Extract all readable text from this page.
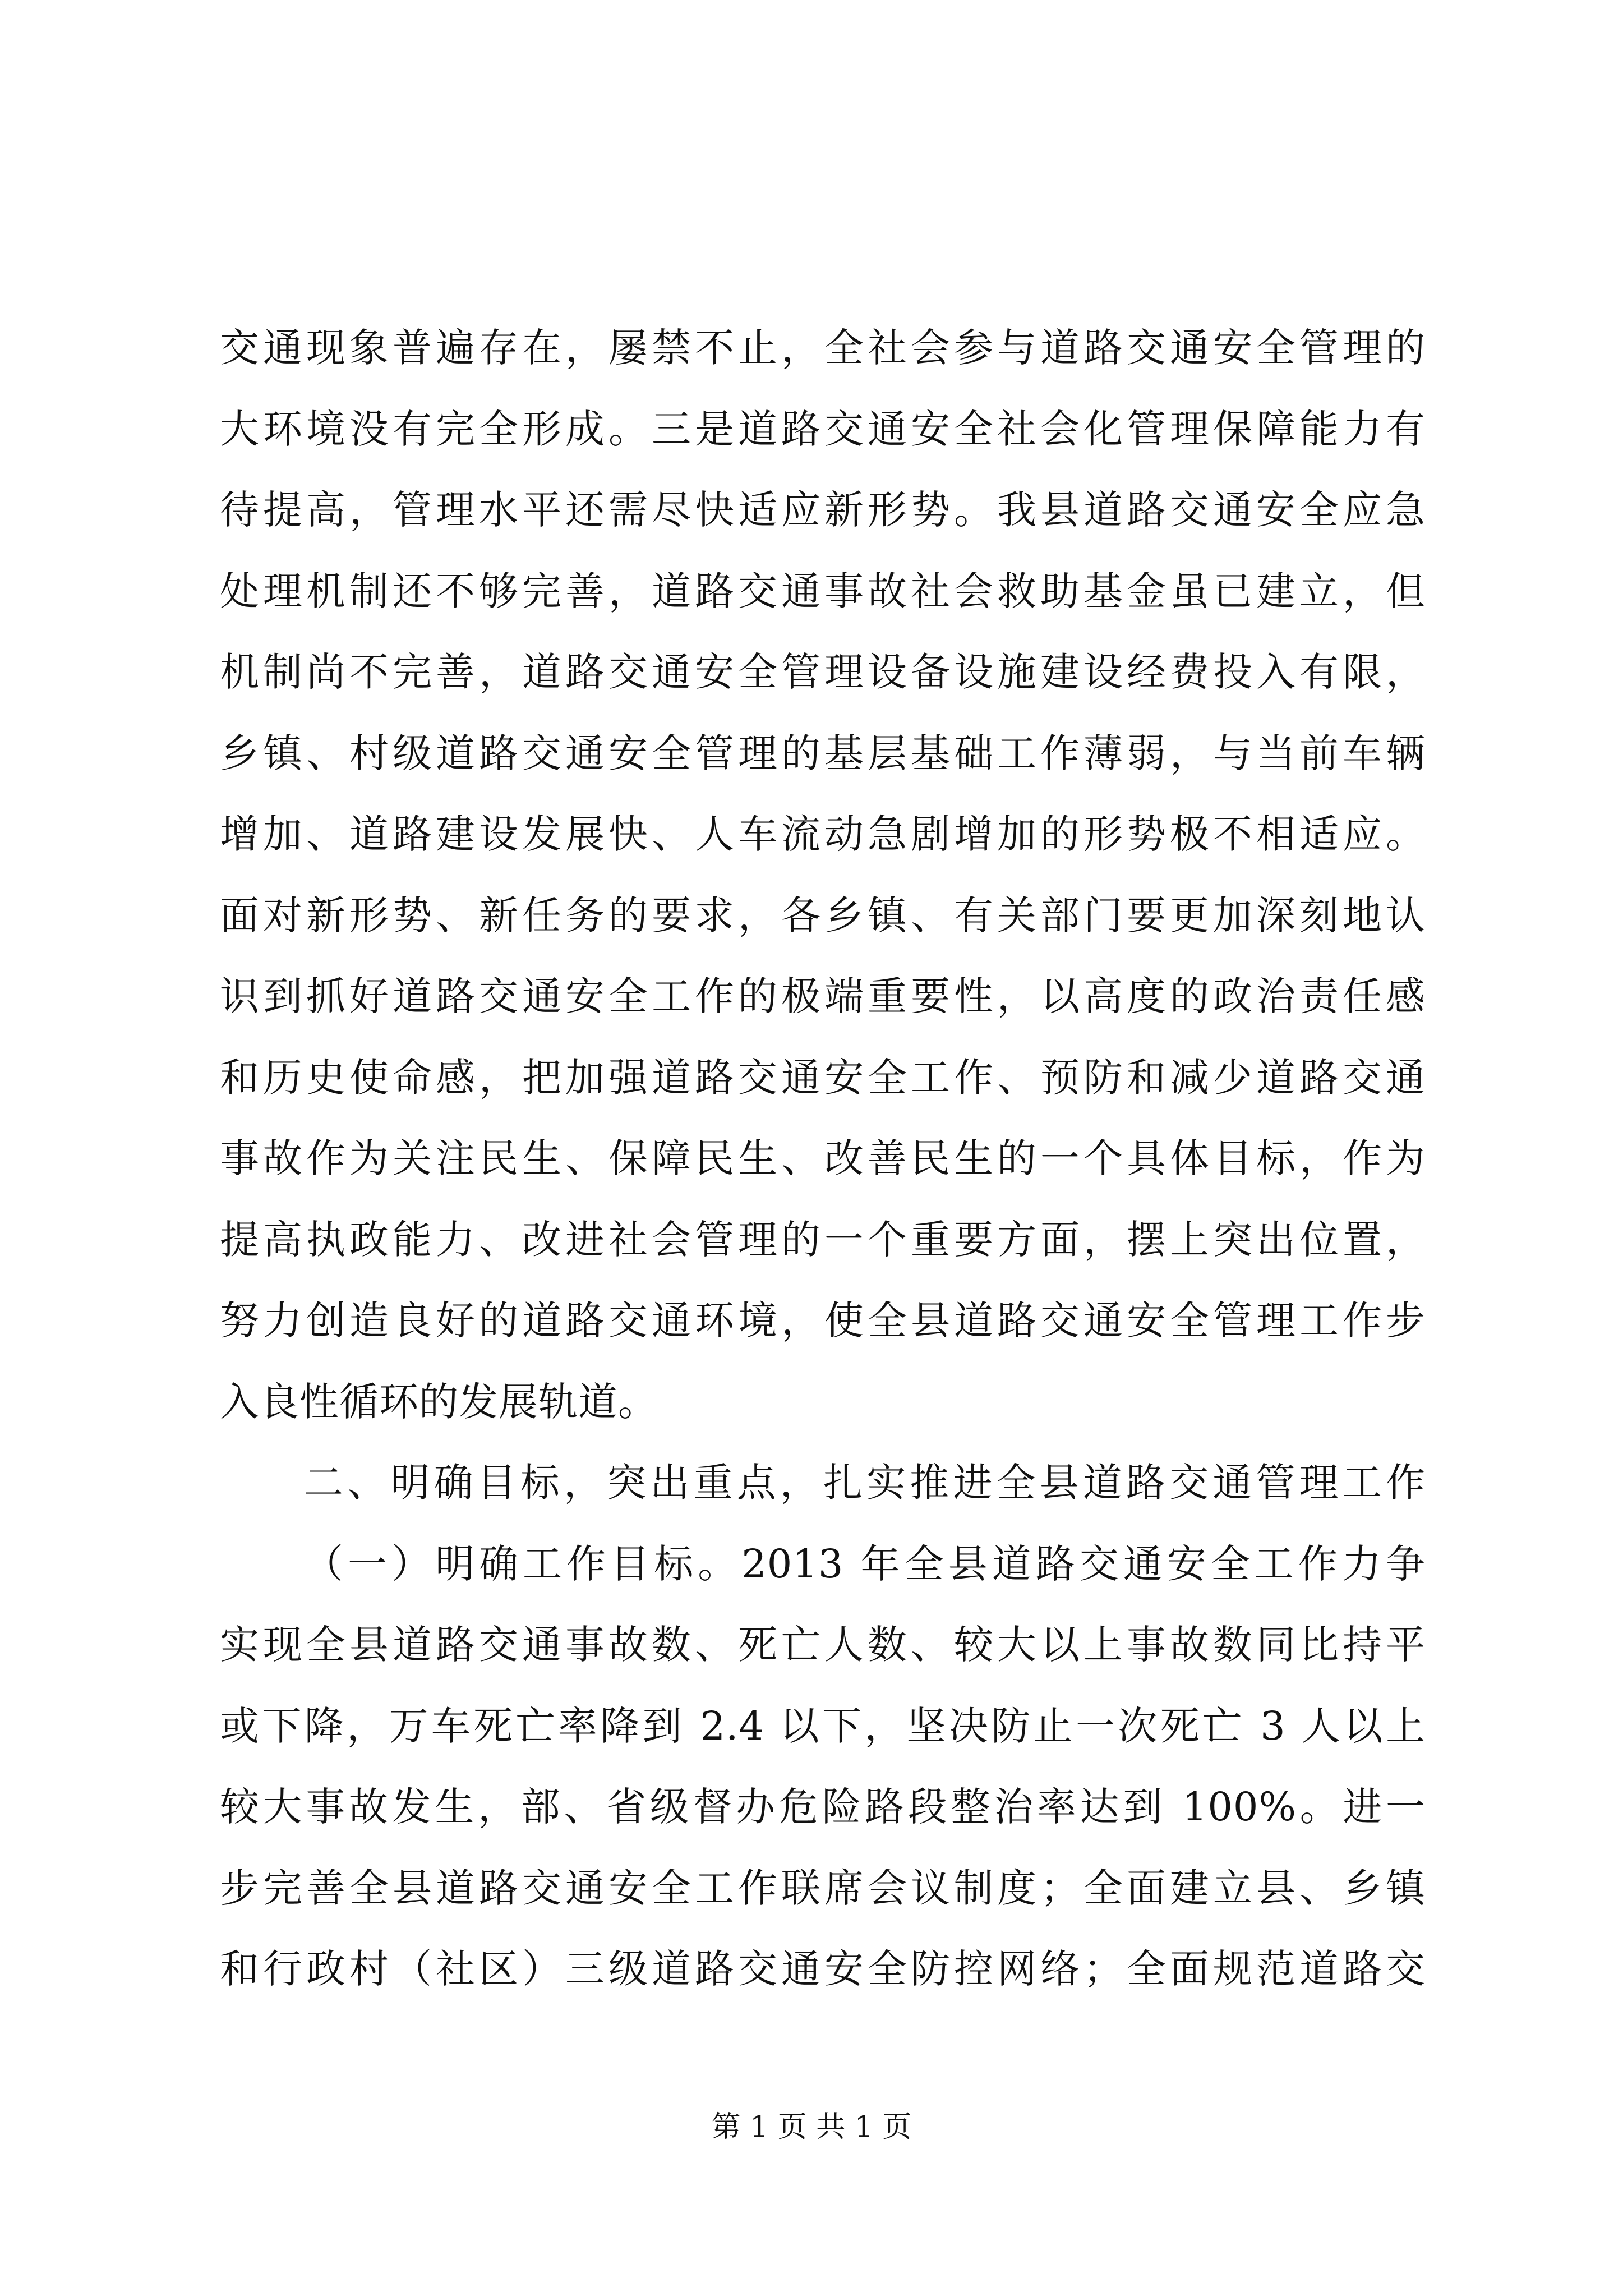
交通现象普遍存在，屡禁不止，全社会参与道路交通安全管理的
大环境没有完全形成。三是道路交通安全社会化管理保障能力有
待提高，管理水平还需尽快适应新形势。我县道路交通安全应急
处理机制还不够完善，道路交通事故社会救助基金虽已建立，但
机制尚不完善，道路交通安全管理设备设施建设经费投入有限，
乡镇、村级道路交通安全管理的基层基础工作薄弱，与当前车辆
增加、道路建设发展快、人车流动急剧增加的形势极不相适应。
面对新形势、新任务的要求，各乡镇、有关部门要更加深刻地认
识到抓好道路交通安全工作的极端重要性，以高度的政治责任感
和历史使命感，把加强道路交通安全工作、预防和减少道路交通
事故作为关注民生、保障民生、改善民生的一个具体目标，作为
提高执政能力、改进社会管理的一个重要方面，摆上突出位置，
努力创造良好的道路交通环境，使全县道路交通安全管理工作步
入良性循环的发展轨道。
二、明确目标，突出重点，扎实推进全县道路交通管理工作
（一）明确工作目标。2013 年全县道路交通安全工作力争
实现全县道路交通事故数、死亡人数、较大以上事故数同比持平
或下降，万车死亡率降到 2.4 以下，坚决防止一次死亡 3 人以上
较大事故发生，部、省级督办危险路段整治率达到 100%。进一
步完善全县道路交通安全工作联席会议制度；全面建立县、乡镇
和行政村（社区）三级道路交通安全防控网络；全面规范道路交
第 1 页 共 1 页
